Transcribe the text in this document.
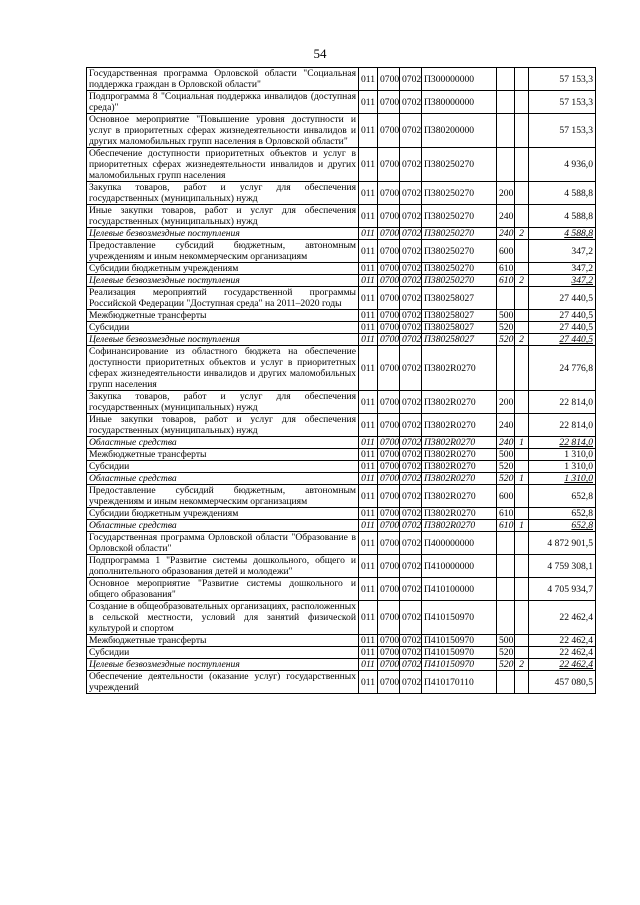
54
Государственная программа Орловской области "Социальная поддержка граждан в Орловской области"	011	0700	0702	П300000000			57 153,3
Подпрограмма 8 "Социальная поддержка инвалидов (доступная среда)"	011	0700	0702	П380000000			57 153,3
Основное мероприятие "Повышение уровня доступности и услуг в приоритетных сферах жизнедеятельности инвалидов и других маломобильных групп населения в Орловской области"	011	0700	0702	П380200000			57 153,3
Обеспечение доступности приоритетных объектов и услуг в приоритетных сферах жизнедеятельности инвалидов и других маломобильных групп населения	011	0700	0702	П380250270			4 936,0
Закупка товаров, работ и услуг для обеспечения государственных (муниципальных) нужд	011	0700	0702	П380250270	200		4 588,8
Иные закупки товаров, работ и услуг для обеспечения государственных (муниципальных) нужд	011	0700	0702	П380250270	240		4 588,8
Целевые безвозмездные поступления	011	0700	0702	П380250270	240	2	4 588,8
Предоставление субсидий бюджетным, автономным учреждениям и иным некоммерческим организациям	011	0700	0702	П380250270	600		347,2
Субсидии бюджетным учреждениям	011	0700	0702	П380250270	610		347,2
Целевые безвозмездные поступления	011	0700	0702	П380250270	610	2	347,2
Реализация мероприятий государственной программы Российской Федерации "Доступная среда" на 2011–2020 годы	011	0700	0702	П380258027			27 440,5
Межбюджетные трансферты	011	0700	0702	П380258027	500		27 440,5
Субсидии	011	0700	0702	П380258027	520		27 440,5
Целевые безвозмездные поступления	011	0700	0702	П380258027	520	2	27 440,5
Софинансирование из областного бюджета на обеспечение доступности приоритетных объектов и услуг в приоритетных сферах жизнедеятельности инвалидов и других маломобильных групп населения	011	0700	0702	П3802R0270			24 776,8
Закупка товаров, работ и услуг для обеспечения государственных (муниципальных) нужд	011	0700	0702	П3802R0270	200		22 814,0
Иные закупки товаров, работ и услуг для обеспечения государственных (муниципальных) нужд	011	0700	0702	П3802R0270	240		22 814,0
Областные средства	011	0700	0702	П3802R0270	240	1	22 814,0
Межбюджетные трансферты	011	0700	0702	П3802R0270	500		1 310,0
Субсидии	011	0700	0702	П3802R0270	520		1 310,0
Областные средства	011	0700	0702	П3802R0270	520	1	1 310,0
Предоставление субсидий бюджетным, автономным учреждениям и иным некоммерческим организациям	011	0700	0702	П3802R0270	600		652,8
Субсидии бюджетным учреждениям	011	0700	0702	П3802R0270	610		652,8
Областные средства	011	0700	0702	П3802R0270	610	1	652,8
Государственная программа Орловской области "Образование в Орловской области"	011	0700	0702	П400000000			4 872 901,5
Подпрограмма 1 "Развитие системы дошкольного, общего и дополнительного образования детей и молодежи"	011	0700	0702	П410000000			4 759 308,1
Основное мероприятие "Развитие системы дошкольного и общего образования"	011	0700	0702	П410100000			4 705 934,7
Создание в общеобразовательных организациях, расположенных в сельской местности, условий для занятий физической культурой и спортом	011	0700	0702	П410150970			22 462,4
Межбюджетные трансферты	011	0700	0702	П410150970	500		22 462,4
Субсидии	011	0700	0702	П410150970	520		22 462,4
Целевые безвозмездные поступления	011	0700	0702	П410150970	520	2	22 462,4
Обеспечение деятельности (оказание услуг) государственных учреждений	011	0700	0702	П410170110			457 080,5
